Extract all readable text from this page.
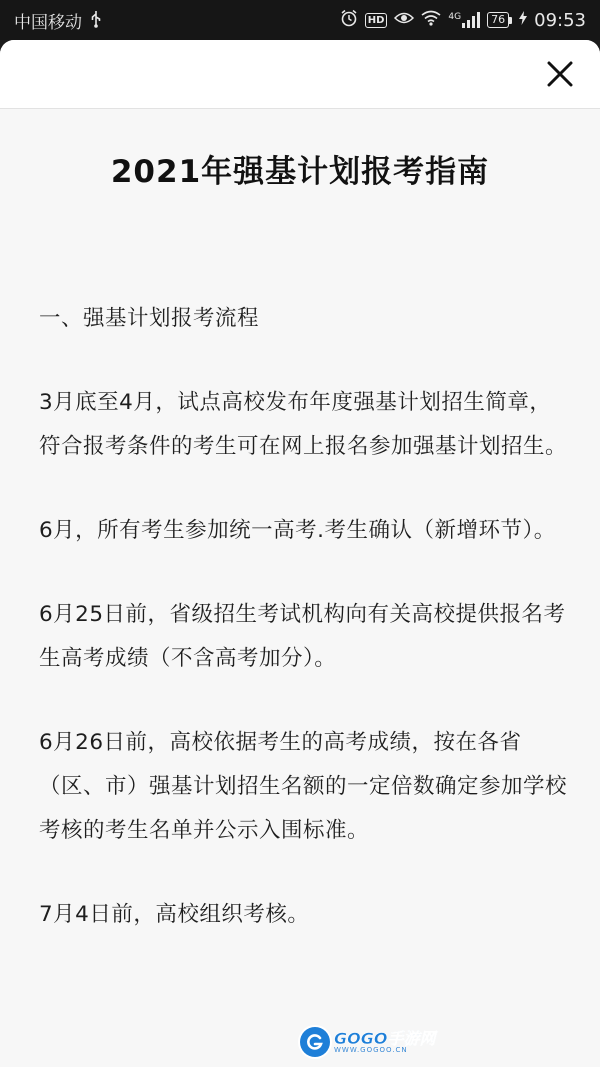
中国移动	HD	4G	76 09:53
2021年强基计划报考指南

一、强基计划报考流程

3月底至4月，试点高校发布年度强基计划招生简章，符合报考条件的考生可在网上报名参加强基计划招生。

6月，所有考生参加统一高考.考生确认（新增环节）。

6月25日前，省级招生考试机构向有关高校提供报名考生高考成绩（不含高考加分）。

6月26日前，高校依据考生的高考成绩，按在各省（区、市）强基计划招生名额的一定倍数确定参加学校考核的考生名单并公示入围标准。

7月4日前，高校组织考核。

GOGO手游网
WWW.GOGOO.CN
